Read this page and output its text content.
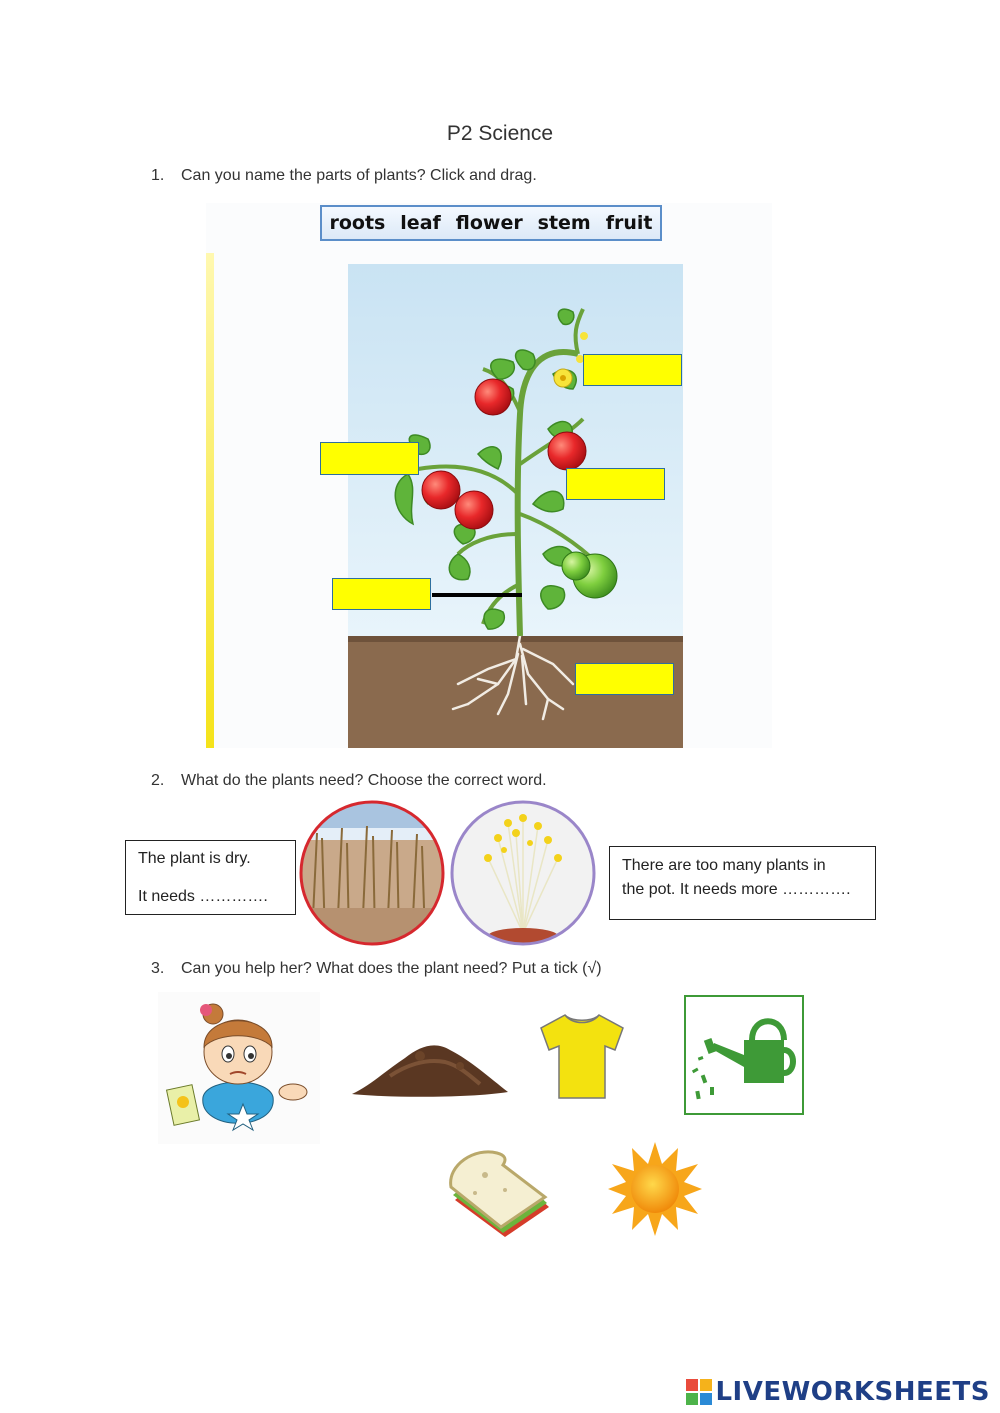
P2 Science
1. Can you name the parts of plants? Click and drag.
roots leaf flower stem fruit
2. What do the plants need? Choose the correct word.

The plant is dry.

It needs ………….

There are too many plants in

the pot. It needs more ………….

3. Can you help her? What does the plant need? Put a tick (√)
LIVEWORKSHEETS
